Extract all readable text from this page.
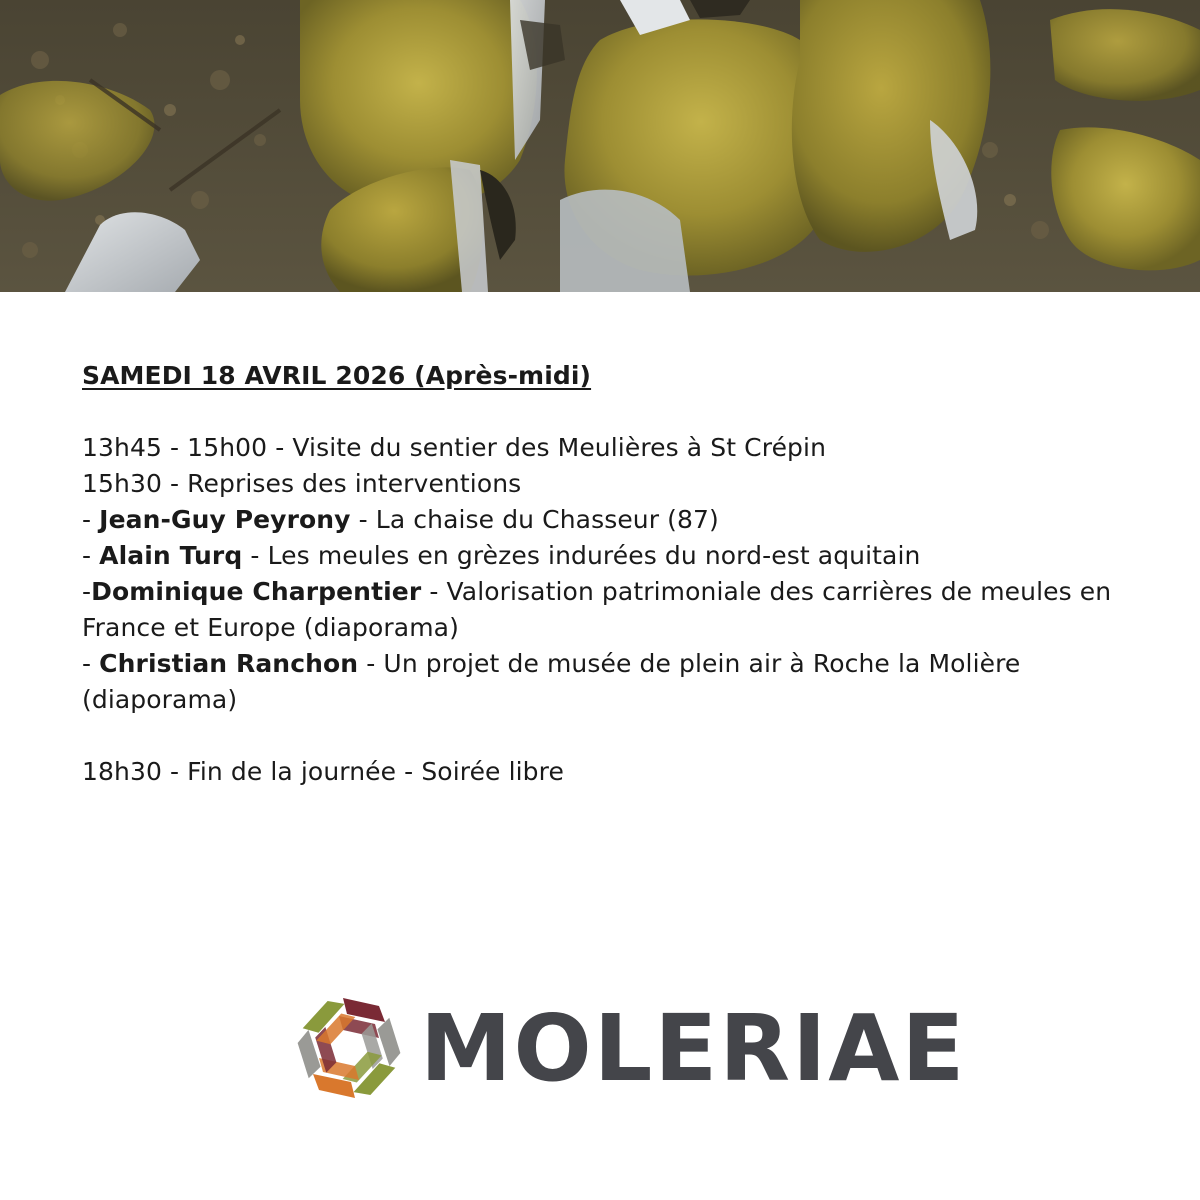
SAMEDI 18 AVRIL 2026 (Après-midi)

13h45 - 15h00 - Visite du sentier des Meulières à St Crépin

15h30 - Reprises des interventions

- Jean-Guy Peyrony - La chaise du Chasseur (87)

- Alain Turq - Les meules en grèzes indurées du nord-est aquitain

-Dominique Charpentier - Valorisation patrimoniale des carrières de meules en France et Europe (diaporama)

- Christian Ranchon - Un projet de musée de plein air à Roche la Molière (diaporama)

18h30 - Fin de la journée - Soirée libre

MOLERIAE
